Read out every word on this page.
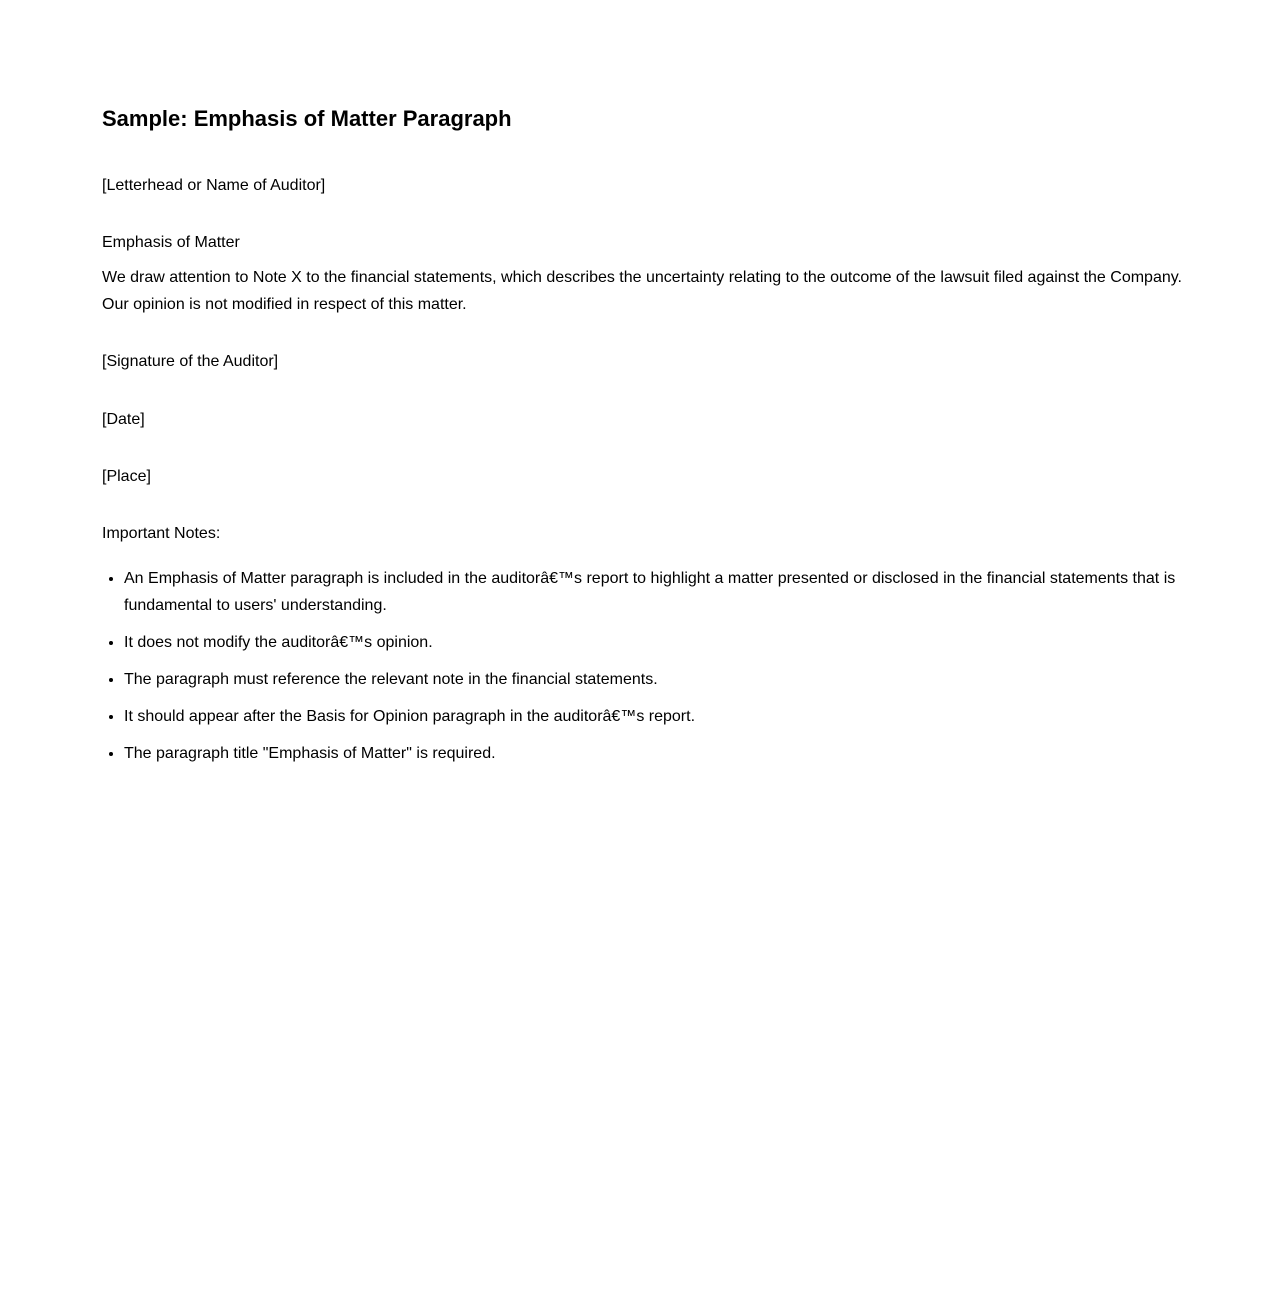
Sample: Emphasis of Matter Paragraph

[Letterhead or Name of Auditor]

Emphasis of Matter

We draw attention to Note X to the financial statements, which describes the uncertainty relating to the outcome of the lawsuit filed against the Company. Our opinion is not modified in respect of this matter.

[Signature of the Auditor]

[Date]

[Place]

Important Notes:

• An Emphasis of Matter paragraph is included in the auditorâ€™s report to highlight a matter presented or disclosed in the financial statements that is fundamental to users' understanding.
• It does not modify the auditorâ€™s opinion.
• The paragraph must reference the relevant note in the financial statements.
• It should appear after the Basis for Opinion paragraph in the auditorâ€™s report.
• The paragraph title "Emphasis of Matter" is required.
